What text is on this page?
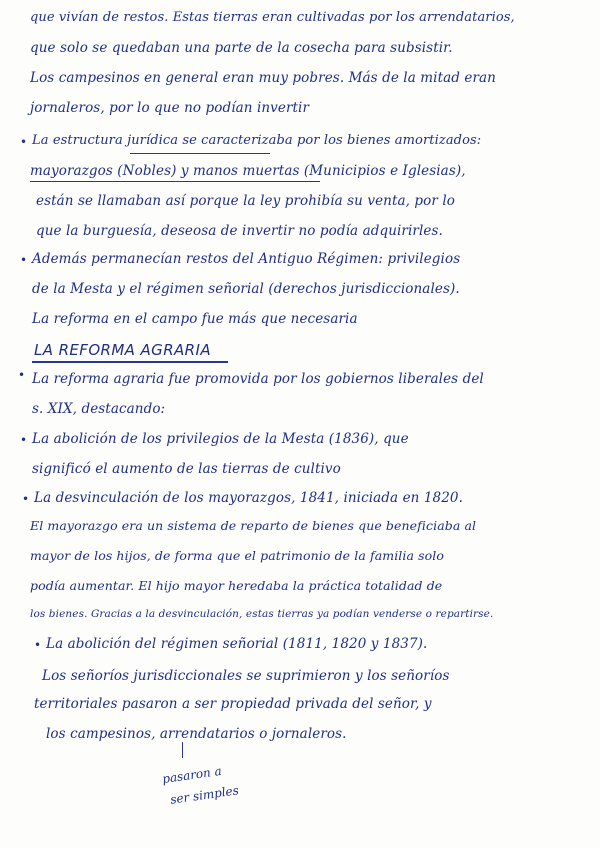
que vivían de restos. Estas tierras eran cultivadas por los arrendatarios,
que solo se quedaban una parte de la cosecha para subsistir.
Los campesinos en general eran muy pobres. Más de la mitad eran
jornaleros, por lo que no podían invertir
• La estructura jurídica se caracterizaba por los bienes amortizados:
mayorazgos (Nobles) y manos muertas (Municipios e Iglesias),
están se llamaban así porque la ley prohibía su venta, por lo
que la burguesía, deseosa de invertir no podía adquirirles.
• Además permanecían restos del Antiguo Régimen: privilegios
de la Mesta y el régimen señorial (derechos jurisdiccionales).
La reforma en el campo fue más que necesaria
LA REFORMA AGRARIA
• La reforma agraria fue promovida por los gobiernos liberales del
s. XIX, destacando:
• La abolición de los privilegios de la Mesta (1836), que
significó el aumento de las tierras de cultivo
• La desvinculación de los mayorazgos, 1841, iniciada en 1820.
El mayorazgo era un sistema de reparto de bienes que beneficiaba al
mayor de los hijos, de forma que el patrimonio de la familia solo
podía aumentar. El hijo mayor heredaba la práctica totalidad de
los bienes. Gracias a la desvinculación, estas tierras ya podían venderse o repartirse.
• La abolición del régimen señorial (1811, 1820 y 1837).
Los señoríos jurisdiccionales se suprimieron y los señoríos
territoriales pasaron a ser propiedad privada del señor, y
los campesinos, arrendatarios o jornaleros.
pasaron a
ser simples
